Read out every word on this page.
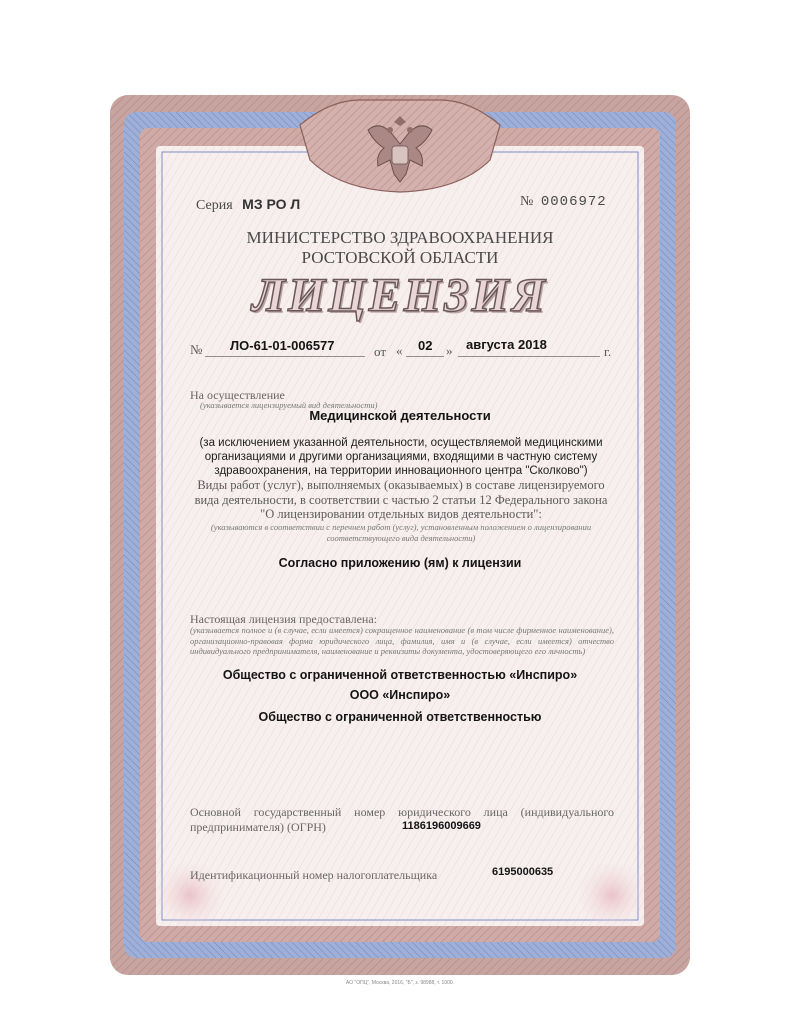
Серия МЗ РО Л	№ 0006972
МИНИСТЕРСТВО ЗДРАВООХРАНЕНИЯ
РОСТОВСКОЙ ОБЛАСТИ
ЛИЦЕНЗИЯ
№ ЛО-61-01-006577	от « 02 » августа 2018	г.
На осуществление
(указывается лицензируемый вид деятельности)
Медицинской деятельности
(за исключением указанной деятельности, осуществляемой медицинскими организациями и другими организациями, входящими в частную систему здравоохранения, на территории инновационного центра "Сколково")
Виды работ (услуг), выполняемых (оказываемых) в составе лицензируемого вида деятельности, в соответствии с частью 2 статьи 12 Федерального закона "О лицензировании отдельных видов деятельности":
(указываются в соответствии с перечнем работ (услуг), установленным положением о лицензировании соответствующего вида деятельности)
Согласно приложению (ям) к лицензии
Настоящая лицензия предоставлена:
(указывается полное и (в случае, если имеется) сокращенное наименование (в том числе фирменное наименование), организационно-правовая форма юридического лица, фамилия, имя и (в случае, если имеется) отчество индивидуального предпринимателя, наименование и реквизиты документа, удостоверяющего его личность)
Общество с ограниченной ответственностью «Инспиро»
ООО «Инспиро»
Общество с ограниченной ответственностью
Основной государственный номер юридического лица (индивидуального предпринимателя) (ОГРН)	1186196009669
Идентификационный номер налогоплательщика	6195000635
АО "ОПЦ", Москва, 2016, "Б", з. 98988, т. 1000.
